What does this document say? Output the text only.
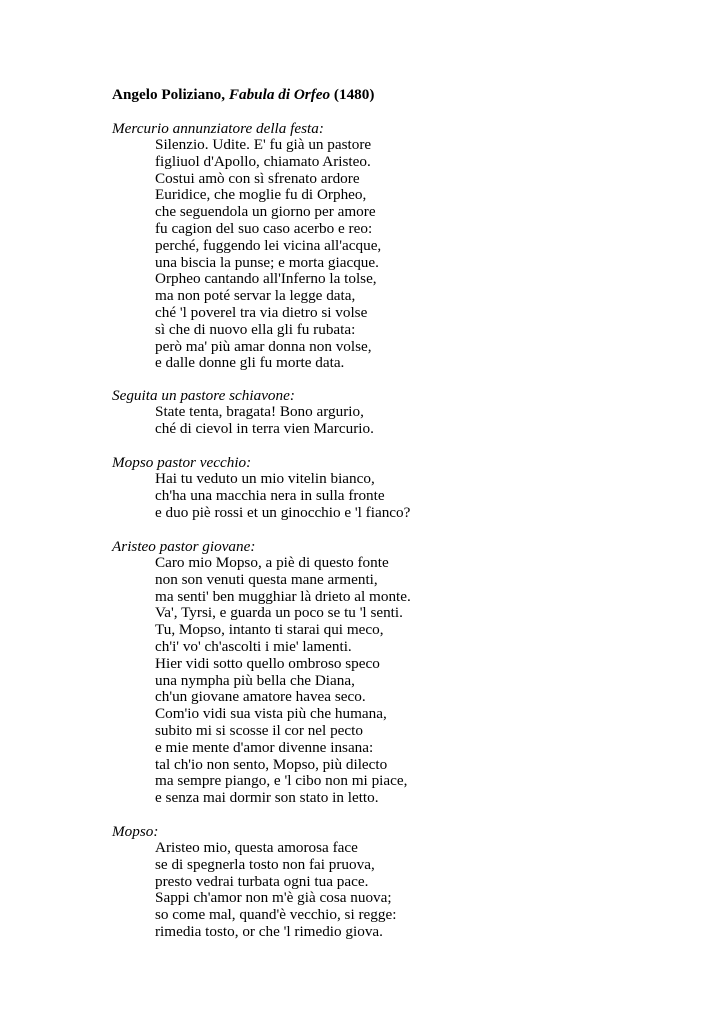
Angelo Poliziano, Fabula di Orfeo (1480)
Mercurio annunziatore della festa:
Silenzio. Udite. E' fu già un pastore
figliuol d'Apollo, chiamato Aristeo.
Costui amò con sì sfrenato ardore
Euridice, che moglie fu di Orpheo,
che seguendola un giorno per amore
fu cagion del suo caso acerbo e reo:
perché, fuggendo lei vicina all'acque,
una biscia la punse; e morta giacque.
Orpheo cantando all'Inferno la tolse,
ma non poté servar la legge data,
ché 'l poverel tra via dietro si volse
sì che di nuovo ella gli fu rubata:
però ma' più amar donna non volse,
e dalle donne gli fu morte data.
Seguita un pastore schiavone:
State tenta, bragata! Bono argurio,
ché di cievol in terra vien Marcurio.
Mopso pastor vecchio:
Hai tu veduto un mio vitelin bianco,
ch'ha una macchia nera in sulla fronte
e duo piè rossi et un ginocchio e 'l fianco?
Aristeo pastor giovane:
Caro mio Mopso, a piè di questo fonte
non son venuti questa mane armenti,
ma senti' ben mugghiar là drieto al monte.
Va', Tyrsi, e guarda un poco se tu 'l senti.
Tu, Mopso, intanto ti starai qui meco,
ch'i' vo' ch'ascolti i mie' lamenti.
Hier vidi sotto quello ombroso speco
una nympha più bella che Diana,
ch'un giovane amatore havea seco.
Com'io vidi sua vista più che humana,
subito mi si scosse il cor nel pecto
e mie mente d'amor divenne insana:
tal ch'io non sento, Mopso, più dilecto
ma sempre piango, e 'l cibo non mi piace,
e senza mai dormir son stato in letto.
Mopso:
Aristeo mio, questa amorosa face
se di spegnerla tosto non fai pruova,
presto vedrai turbata ogni tua pace.
Sappi ch'amor non m'è già cosa nuova;
so come mal, quand'è vecchio, si regge:
rimedia tosto, or che 'l rimedio giova.
